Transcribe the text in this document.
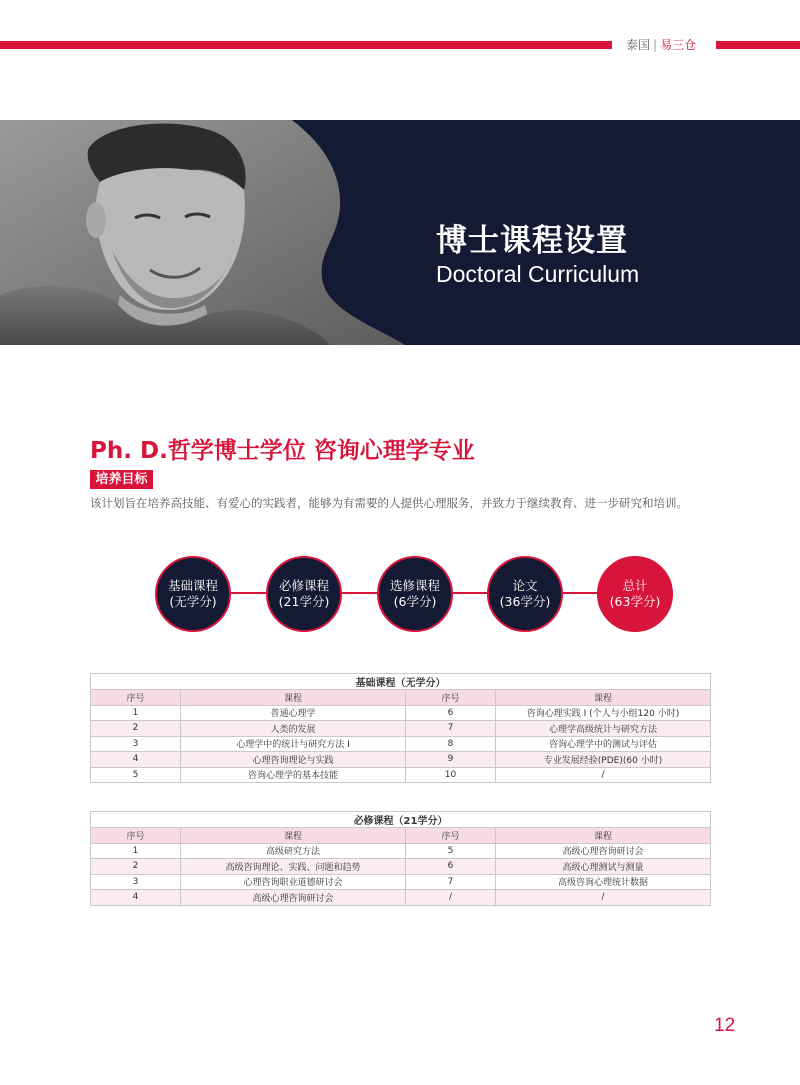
泰国 | 易三仓
博士课程设置
Doctoral Curriculum
Ph. D.哲学博士学位 咨询心理学专业
培养目标
该计划旨在培养高技能、有爱心的实践者，能够为有需要的人提供心理服务，并致力于继续教育、进一步研究和培训。
基础课程
(无学分)
必修课程
(21学分)
选修课程
(6学分)
论文
(36学分)
总计
(63学分)
基础课程（无学分）			
序号	课程	序号	课程
1	普通心理学	6	咨询心理实践 I (个人与小组120 小时)
2	人类的发展	7	心理学高级统计与研究方法
3	心理学中的统计与研究方法 I	8	咨询心理学中的测试与评估
4	心理咨询理论与实践	9	专业发展经验(PDE)(60 小时)
5	咨询心理学的基本技能	10	/
必修课程（21学分）			
序号	课程	序号	课程
1	高级研究方法	5	高级心理咨询研讨会
2	高级咨询理论、实践、问题和趋势	6	高级心理测试与测量
3	心理咨询职业道德研讨会	7	高级咨询心理统计数据
4	高级心理咨询研讨会	/	/
12
